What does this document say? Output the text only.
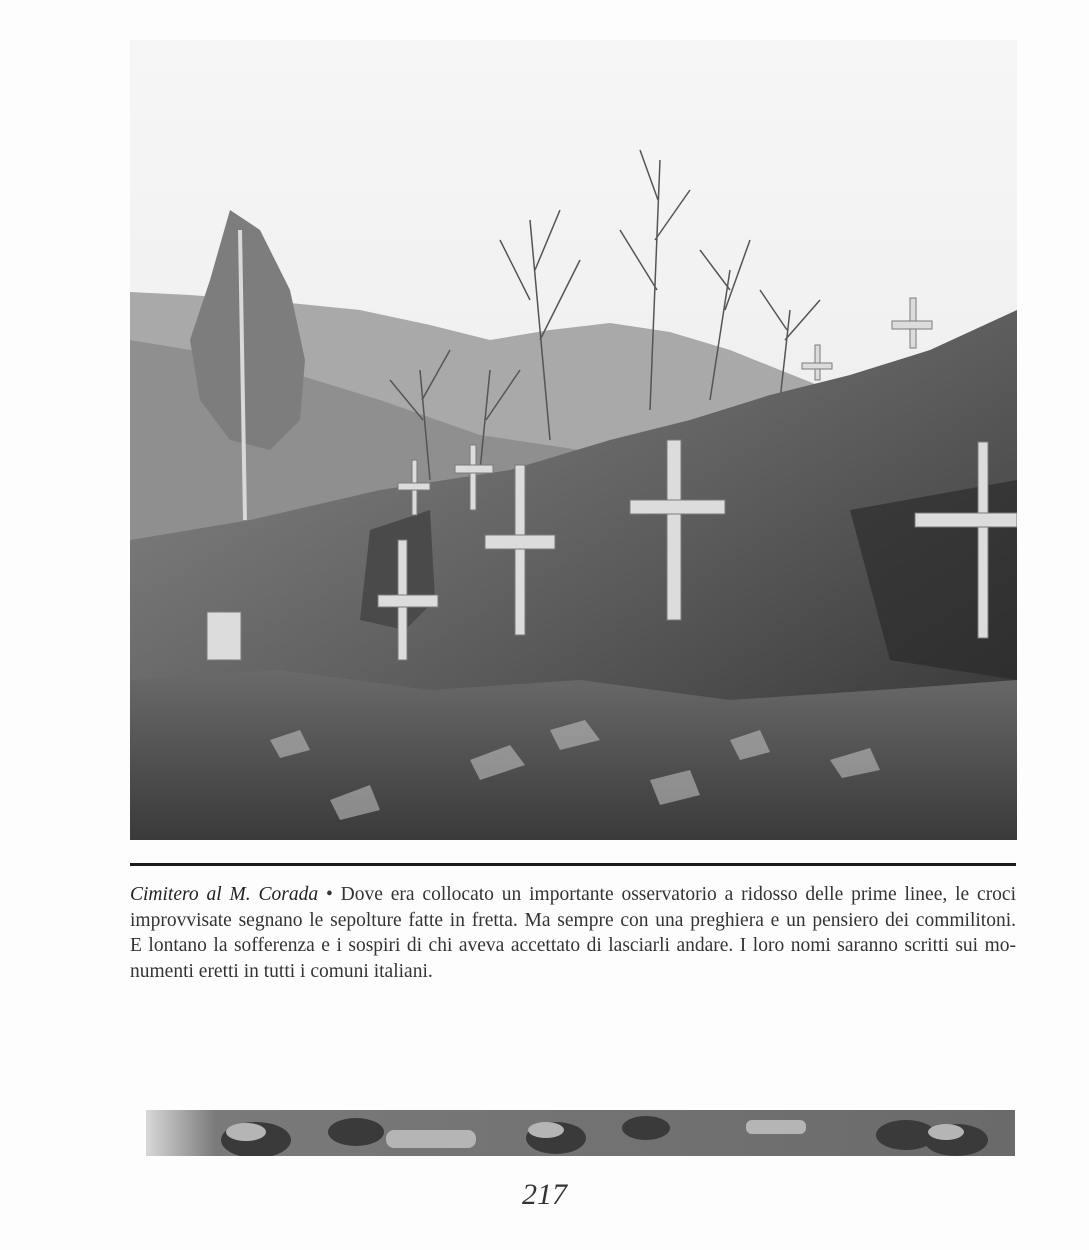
Cimitero al M. Corada • Dove era collocato un importante osservatorio a ridosso delle prime linee, le croci
improvvisate segnano le sepolture fatte in fretta. Ma sempre con una preghiera e un pensiero dei commilitoni.
E lontano la sofferenza e i sospiri di chi aveva accettato di lasciarli andare. I loro nomi saranno scritti sui mo-
numenti eretti in tutti i comuni italiani.
217
